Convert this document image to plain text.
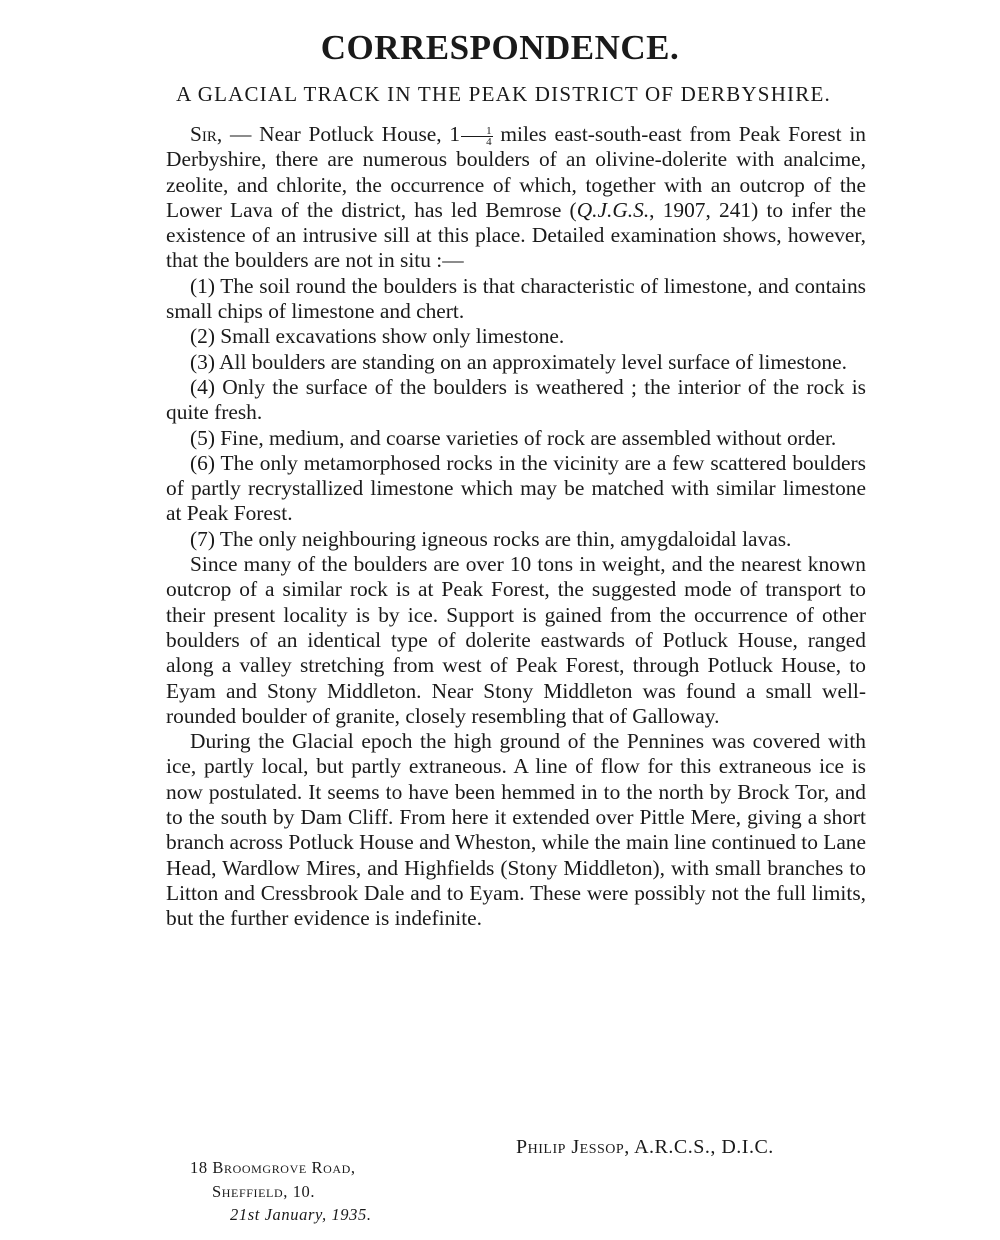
CORRESPONDENCE.
A GLACIAL TRACK IN THE PEAK DISTRICT OF DERBYSHIRE.

Sir, — Near Potluck House, $1 \frac{1}{4}$ miles east-south-east from Peak Forest in Derbyshire, there are numerous boulders of an olivine-dolerite with analcime, zeolite, and chlorite, the occurrence of which, together with an outcrop of the Lower Lava of the district, has led Bemrose (Q.J.G.S., 1907, 241) to infer the existence of an intrusive sill at this place. Detailed examination shows, however, that the boulders are not in situ :—

(1) The soil round the boulders is that characteristic of limestone, and contains small chips of limestone and chert.

(2) Small excavations show only limestone.

(3) All boulders are standing on an approximately level surface of limestone.

(4) Only the surface of the boulders is weathered ; the interior of the rock is quite fresh.

(5) Fine, medium, and coarse varieties of rock are assembled without order.

(6) The only metamorphosed rocks in the vicinity are a few scattered boulders of partly recrystallized limestone which may be matched with similar limestone at Peak Forest.

(7) The only neighbouring igneous rocks are thin, amygdaloidal lavas.

Since many of the boulders are over 10 tons in weight, and the nearest known outcrop of a similar rock is at Peak Forest, the suggested mode of transport to their present locality is by ice. Support is gained from the occurrence of other boulders of an identical type of dolerite eastwards of Potluck House, ranged along a valley stretching from west of Peak Forest, through Potluck House, to Eyam and Stony Middleton. Near Stony Middleton was found a small well-rounded boulder of granite, closely resembling that of Galloway.

During the Glacial epoch the high ground of the Pennines was covered with ice, partly local, but partly extraneous. A line of flow for this extraneous ice is now postulated. It seems to have been hemmed in to the north by Brock Tor, and to the south by Dam Cliff. From here it extended over Pittle Mere, giving a short branch across Potluck House and Wheston, while the main line continued to Lane Head, Wardlow Mires, and Highfields (Stony Middleton), with small branches to Litton and Cressbrook Dale and to Eyam. These were possibly not the full limits, but the further evidence is indefinite.

Philip Jessop, A.R.C.S., D.I.C.
18 Broomgrove Road,
Sheffield, 10.
21st January, 1935.
